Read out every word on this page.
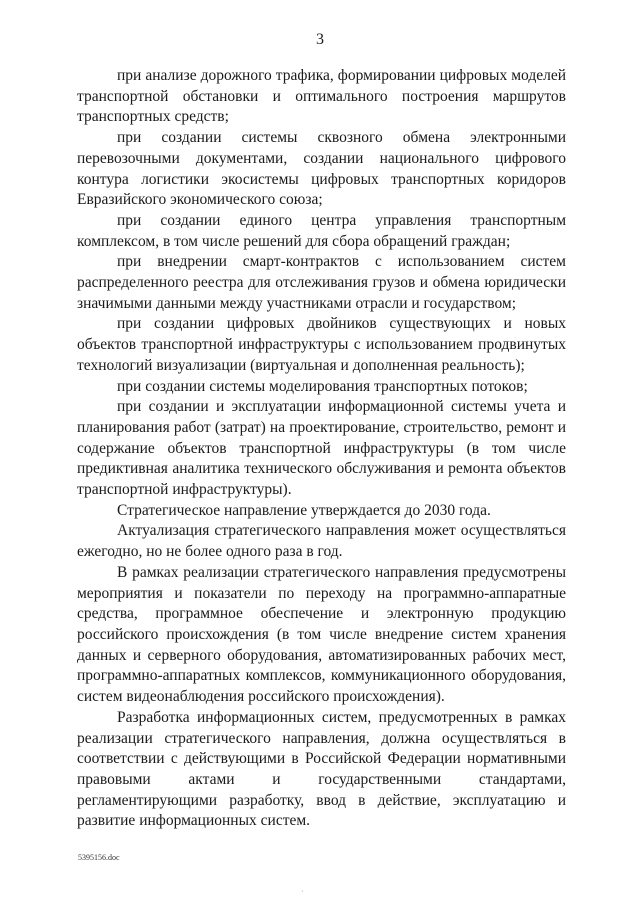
3

при анализе дорожного трафика, формировании цифровых моделей транспортной обстановки и оптимального построения маршрутов транспортных средств;

при создании системы сквозного обмена электронными перевозочными документами, создании национального цифрового контура логистики экосистемы цифровых транспортных коридоров Евразийского экономического союза;

при создании единого центра управления транспортным комплексом, в том числе решений для сбора обращений граждан;

при внедрении смарт-контрактов с использованием систем распределенного реестра для отслеживания грузов и обмена юридически значимыми данными между участниками отрасли и государством;

при создании цифровых двойников существующих и новых объектов транспортной инфраструктуры с использованием продвинутых технологий визуализации (виртуальная и дополненная реальность);

при создании системы моделирования транспортных потоков;

при создании и эксплуатации информационной системы учета и планирования работ (затрат) на проектирование, строительство, ремонт и содержание объектов транспортной инфраструктуры (в том числе предиктивная аналитика технического обслуживания и ремонта объектов транспортной инфраструктуры).

Стратегическое направление утверждается до 2030 года.

Актуализация стратегического направления может осуществляться ежегодно, но не более одного раза в год.

В рамках реализации стратегического направления предусмотрены мероприятия и показатели по переходу на программно-аппаратные средства, программное обеспечение и электронную продукцию российского происхождения (в том числе внедрение систем хранения данных и серверного оборудования, автоматизированных рабочих мест, программно-аппаратных комплексов, коммуникационного оборудования, систем видеонаблюдения российского происхождения).

Разработка информационных систем, предусмотренных в рамках реализации стратегического направления, должна осуществляться в соответствии с действующими в Российской Федерации нормативными правовыми актами и государственными стандартами, регламентирующими разработку, ввод в действие, эксплуатацию и развитие информационных систем.

5395156.doc
·
